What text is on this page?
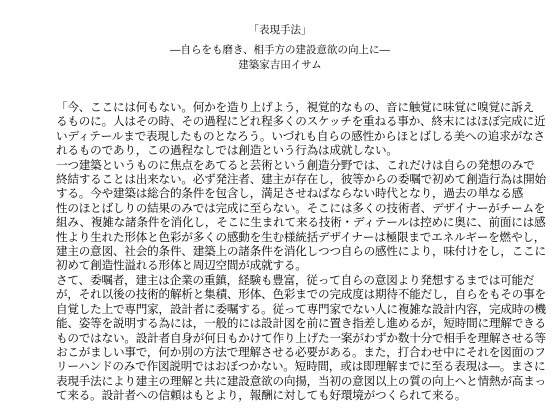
「表現手法」
―自らをも磨き、相手方の建設意欲の向上に―
建築家吉田イサム
「今、ここには何もない。何かを造り上げよう，視覚的なもの、音に触覚に味覚に嗅覚に訴え
るものに。人はその時、その過程にどれ程多くのスケッチを重ねる事か、終末にはほぼ完成に近
いディテールまで表現したものとなろう。いづれも自らの感性からほとばしる美への追求がなさ
れるものであり，この過程なしでは創造という行為は成就しない。
一つ建築というものに焦点をあてると芸術という創造分野では、これだけは自らの発想のみで
終結することは出来ない。必ず発注者、建主が存在し，彼等からの委嘱で初めて創造行為は開始
する。今や建築は総合的条件を包含し，満足させねばならない時代となり，過去の単なる感
性のほとばしりの結果のみでは完成に至らない。そこには多くの技術者、デザイナーがチームを
組み、複雑な諸条件を消化し，そこに生まれて来る技術・ディテールは控めに奥に、前面には感
性より生れた形体と色彩が多くの感動を生む様統括デザイナーは極限までエネルギーを燃やし，
建主の意図、社会的条件、建築上の諸条件を消化しつつ自らの感性により，味付けをし，ここに
初めて創造性溢れる形体と周辺空間が成就する。
さて、委嘱者，建主は企業の重鎮，経験も豊富，従って自らの意図より発想するまでは可能だ
が，それ以後の技術的解析と集積、形体、色彩までの完成度は期待不能だし，自らをもその事を
自覚した上で専門家，設計者に委嘱する。従って専門家でない人に複雑な設計内容，完成時の機
能、姿等を説明する為には，一般的には設計図を前に置き指差し進めるが，短時間に理解できる
ものではない。設計者自身が何日もかけて作り上げた一案がわずか数十分で相手を理解させる等
おこがましい事で，何か別の方法で理解させる必要がある。また，打合わせ中にそれを図面のフ
リーハンドのみで作図説明ではおぼつかない。短時間，或は即理解までに至る表現は―。まさに
表現手法により建主の理解と共に建設意欲の向揚，当初の意図以上の質の向上へと情熱が高まっ
て来る。設計者への信頼はもとより，報酬に対しても好環境がつくられて来る。
